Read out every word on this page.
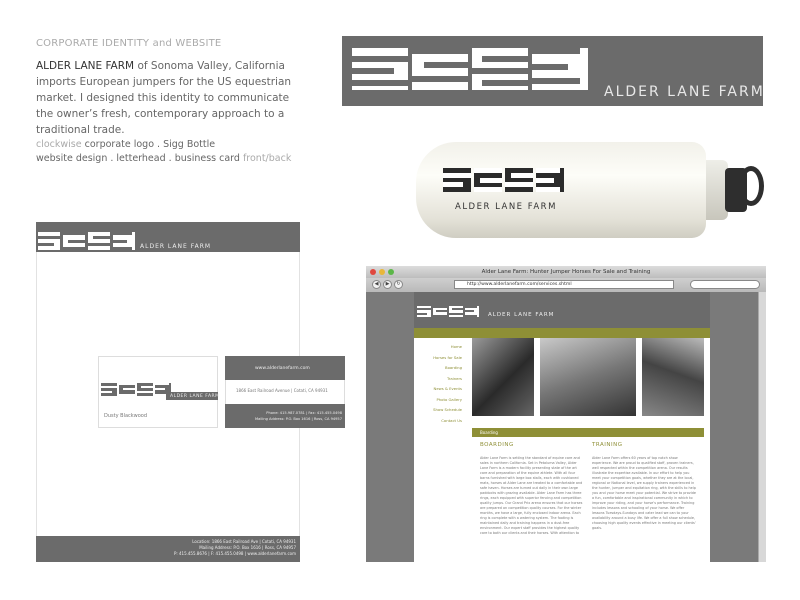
CORPORATE IDENTITY and WEBSITE
ALDER LANE FARM of Sonoma Valley, California imports European jumpers for the US equestrian market. I designed this identity to communicate the owner’s fresh, contemporary approach to a traditional trade.
clockwise corporate logo . Sigg Bottle
website design . letterhead . business card front/back
ALDER LANE FARM
ALDER LANE FARM
ALDER LANE FARM
Location: 1866 East Railroad Ave | Cotati, CA 94931
Mailing Address: P.O. Box 1616 | Ross, CA 94957
P: 415.455.8676 | F: 415.455.0498 | www.alderlanefarm.com
ALDER LANE FARM
Dusty Blackwood
www.alderlanefarm.com
1866 East Railroad Avenue | Cotati, CA 94931
Phone: 415.987.0781 | Fax: 415.455.0498
Mailing Address: P.O. Box 1616 | Ross, CA 94957
Alder Lane Farm: Hunter Jumper Horses For Sale and Training
◀	▶	↻	http://www.alderlanefarm.com/services.shtml
ALDER LANE FARM
Home
Horses for Sale
Boarding
Trainers
News & Events
Photo Gallery
Show Schedule
Contact Us
Boarding
BOARDING	TRAINING
Alder Lane Farm is setting the standard of equine care and sales in northern California. Set in Petaluma Valley, Alder Lane Farm is a modern facility presenting state of the art care and preparation of the equine athlete. With all four barns furnished with large box stalls, each with cushioned mats, horses at Alder Lane are treated to a comfortable and safe haven. Horses are turned out daily in their own large paddocks with grazing available. Alder Lane Farm has three rings, each equipped with superior fencing and competition quality jumps. Our Grand Prix arena ensures that our horses are prepared on competition quality courses. For the winter months, we have a large, fully enclosed indoor arena. Each ring is complete with a watering system. The footing is maintained daily and training happens in a dust-free environment. Our expert staff provides the highest quality care to both our clients and their horses. With attention to
Alder Lane Farm offers 60 years of top notch show experience. We are proud to qualified staff, proven trainers, well respected within the competition arena. Our results illustrate the expertise available. In our effort to help you meet your competition goals, whether they are at the local, regional or National level, we supply trainers experienced in the hunter, jumper and equitation ring, with the skills to help you and your horse meet your potential. We strive to provide a fun, comfortable and inspirational community in which to improve your riding, and your horse’s performance. Training includes lessons and schooling of your horse. We offer lessons Tuesdays-Sundays and cater lead we can to your availability around a busy life. We offer a full show schedule, choosing high quality events effective in meeting our clients’ goals.
